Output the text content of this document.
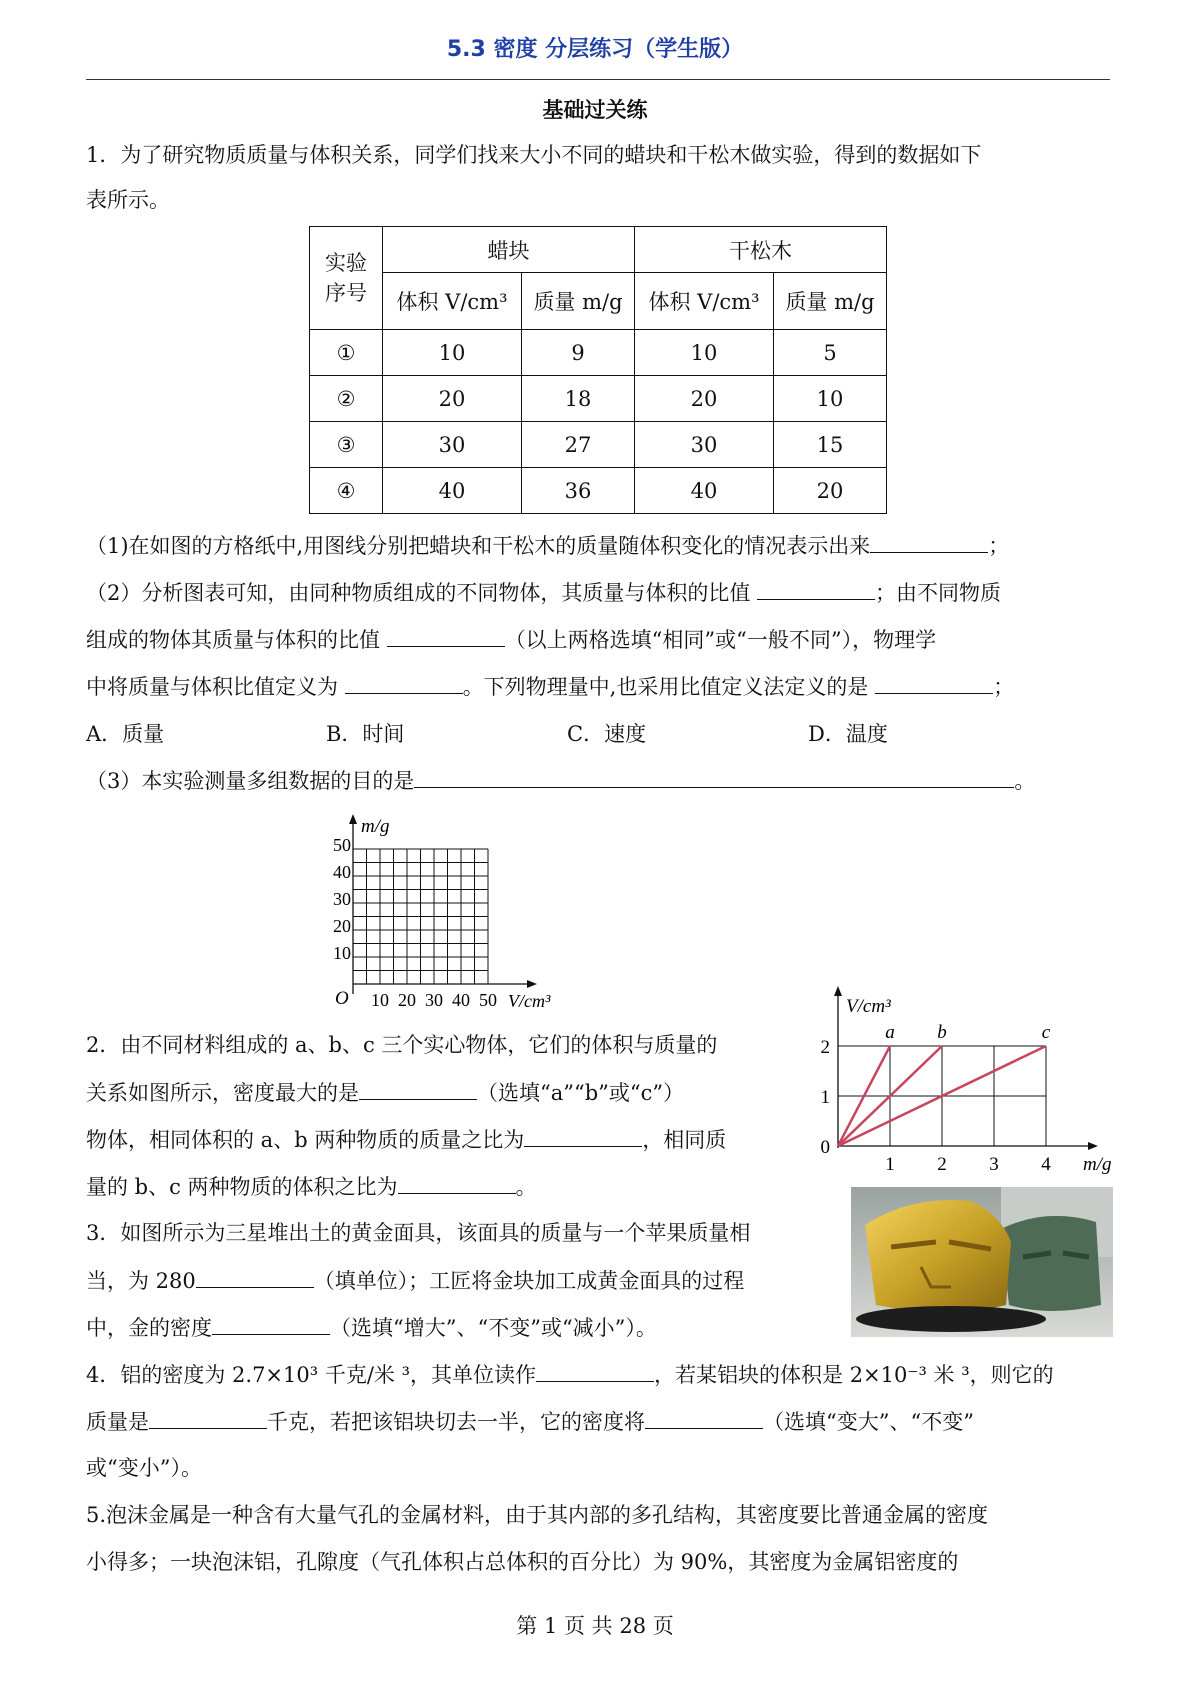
5.3 密度 分层练习（学生版）
基础过关练
1．为了研究物质质量与体积关系，同学们找来大小不同的蜡块和干松木做实验，得到的数据如下
表所示。
实验
序号	蜡块		干松木	
	体积 V/cm³	质量 m/g	体积 V/cm³	质量 m/g
①	10	9	10	5
②	20	18	20	10
③	30	27	30	15
④	40	36	40	20
（1)在如图的方格纸中,用图线分别把蜡块和干松木的质量随体积变化的情况表示出来	；
（2）分析图表可知，由同种物质组成的不同物体，其质量与体积的比值	；由不同物质
组成的物体其质量与体积的比值	（以上两格选填“相同”或“一般不同”），物理学
中将质量与体积比值定义为	。下列物理量中,也采用比值定义法定义的是	；
A．质量	B．时间	C．速度	D．温度
（3）本实验测量多组数据的目的是	。
m/g
O
50
40
30
20
10
10 20 30 40 50 V/cm³
2．由不同材料组成的 a、b、c 三个实心物体，它们的体积与质量的
关系如图所示，密度最大的是	（选填“a”“b”或“c”）
物体，相同体积的 a、b 两种物质的质量之比为	，相同质
量的 b、c 两种物质的体积之比为	。
V/cm³
m/g
1 2 3 4
0
1
2
a b	c
3．如图所示为三星堆出土的黄金面具，该面具的质量与一个苹果质量相
当，为 280	（填单位）；工匠将金块加工成黄金面具的过程
中，金的密度	（选填“增大”、“不变”或“减小”）。
4．铝的密度为 2.7×10³ 千克/米 ³，其单位读作	，若某铝块的体积是 2×10⁻³ 米 ³，则它的
质量是	千克，若把该铝块切去一半，它的密度将	（选填“变大”、“不变”
或“变小”）。
5.泡沫金属是一种含有大量气孔的金属材料，由于其内部的多孔结构，其密度要比普通金属的密度
小得多；一块泡沫铝，孔隙度（气孔体积占总体积的百分比）为 90%，其密度为金属铝密度的
第 1 页 共 28 页
